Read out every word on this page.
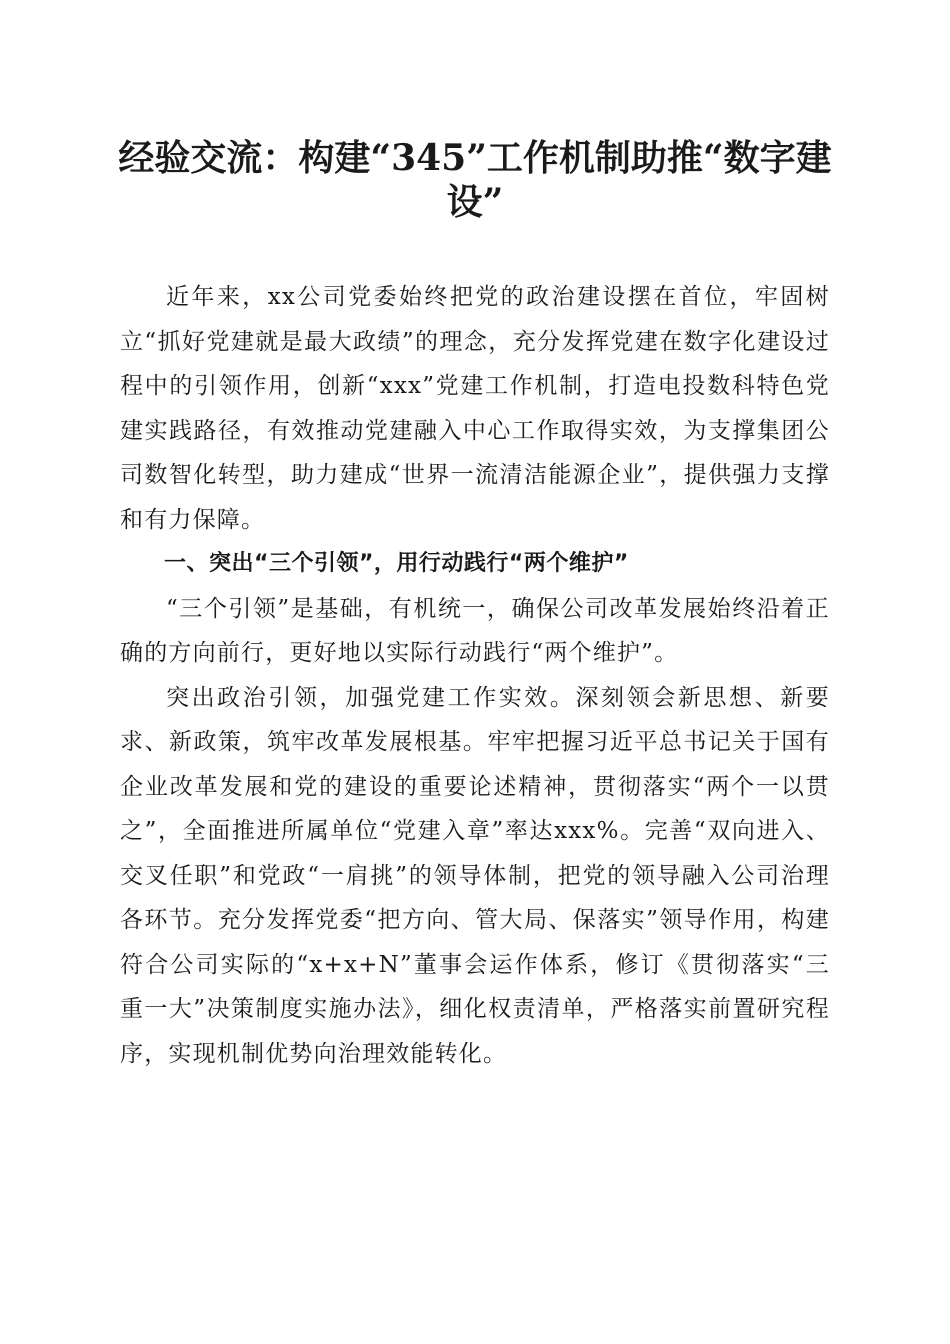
经验交流：构建“345”工作机制助推“数字建设”

近年来，xx公司党委始终把党的政治建设摆在首位，牢固树立“抓好党建就是最大政绩”的理念，充分发挥党建在数字化建设过程中的引领作用，创新“xxx”党建工作机制，打造电投数科特色党建实践路径，有效推动党建融入中心工作取得实效，为支撑集团公司数智化转型，助力建成“世界一流清洁能源企业”，提供强力支撑和有力保障。

一、突出“三个引领”，用行动践行“两个维护”

“三个引领”是基础，有机统一，确保公司改革发展始终沿着正确的方向前行，更好地以实际行动践行“两个维护”。

突出政治引领，加强党建工作实效。深刻领会新思想、新要求、新政策，筑牢改革发展根基。牢牢把握习近平总书记关于国有企业改革发展和党的建设的重要论述精神，贯彻落实“两个一以贯之”，全面推进所属单位“党建入章”率达xxx%。完善“双向进入、交叉任职”和党政“一肩挑”的领导体制，把党的领导融入公司治理各环节。充分发挥党委“把方向、管大局、保落实”领导作用，构建符合公司实际的“x+x+N”董事会运作体系，修订《贯彻落实“三重一大”决策制度实施办法》，细化权责清单，严格落实前置研究程序，实现机制优势向治理效能转化。
